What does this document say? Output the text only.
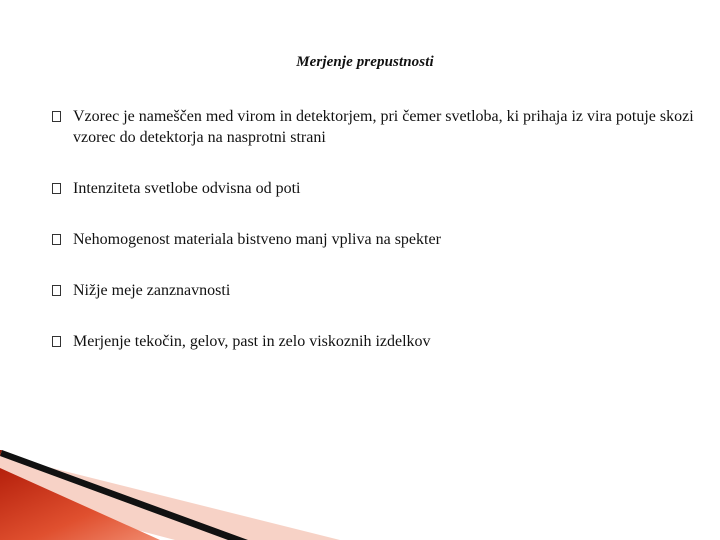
Merjenje prepustnosti
Vzorec je nameščen med virom in detektorjem, pri čemer svetloba, ki prihaja iz vira potuje skozi vzorec do detektorja na nasprotni strani
Intenziteta svetlobe odvisna od poti
Nehomogenost materiala bistveno manj vpliva na spekter
Nižje meje zanznavnosti
Merjenje tekočin, gelov, past in zelo viskoznih izdelkov
